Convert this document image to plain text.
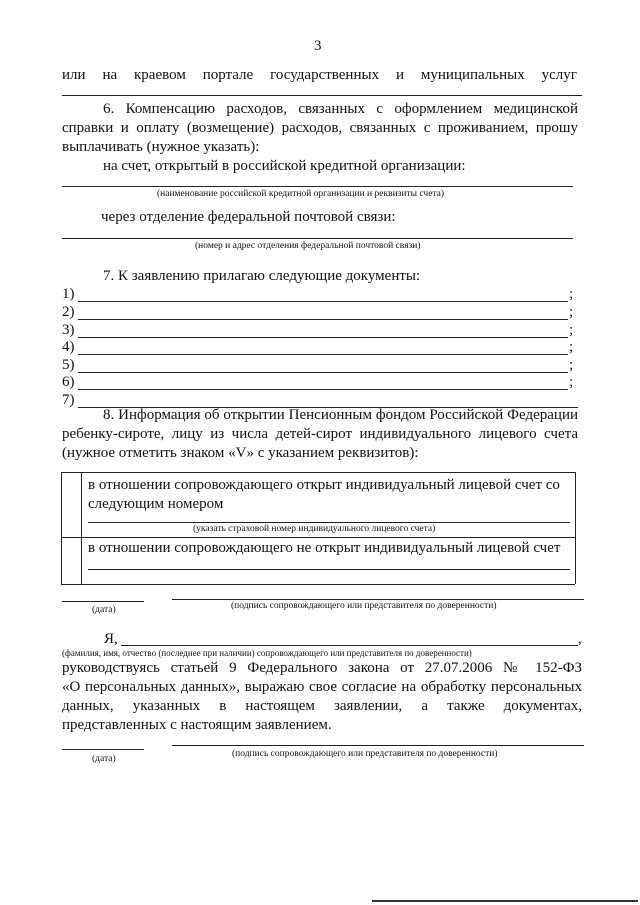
3
или на краевом портале государственных и муниципальных услуг
6. Компенсацию расходов, связанных с оформлением медицинской
справки и оплату (возмещение) расходов, связанных с проживанием, прошу
выплачивать (нужное указать):
на счет, открытый в российской кредитной организации:
(наименование российской кредитной организации и реквизиты счета)
через отделение федеральной почтовой связи:
(номер и адрес отделения федеральной почтовой связи)
7. К заявлению прилагаю следующие документы:
1)	;
2)	;
3)	;
4)	;
5)	;
6)	;
7)
8. Информация об открытии Пенсионным фондом Российской Федерации
ребенку-сироте, лицу из числа детей-сирот индивидуального лицевого счета
(нужное отметить знаком «V» с указанием реквизитов):
в отношении сопровождающего открыт индивидуальный лицевой счет со
следующим номером
(указать страховой номер индивидуального лицевого счета)
в отношении сопровождающего не открыт индивидуальный лицевой счет
(дата)	(подпись сопровождающего или представителя по доверенности)
Я,	,
(фамилия, имя, отчество (последнее при наличии) сопровождающего или представителя по доверенности)
руководствуясь статьей 9 Федерального закона от 27.07.2006 № 152-ФЗ
«О персональных данных», выражаю свое согласие на обработку персональных
данных, указанных в настоящем заявлении, а также документах,
представленных с настоящим заявлением.
(дата)	(подпись сопровождающего или представителя по доверенности)
